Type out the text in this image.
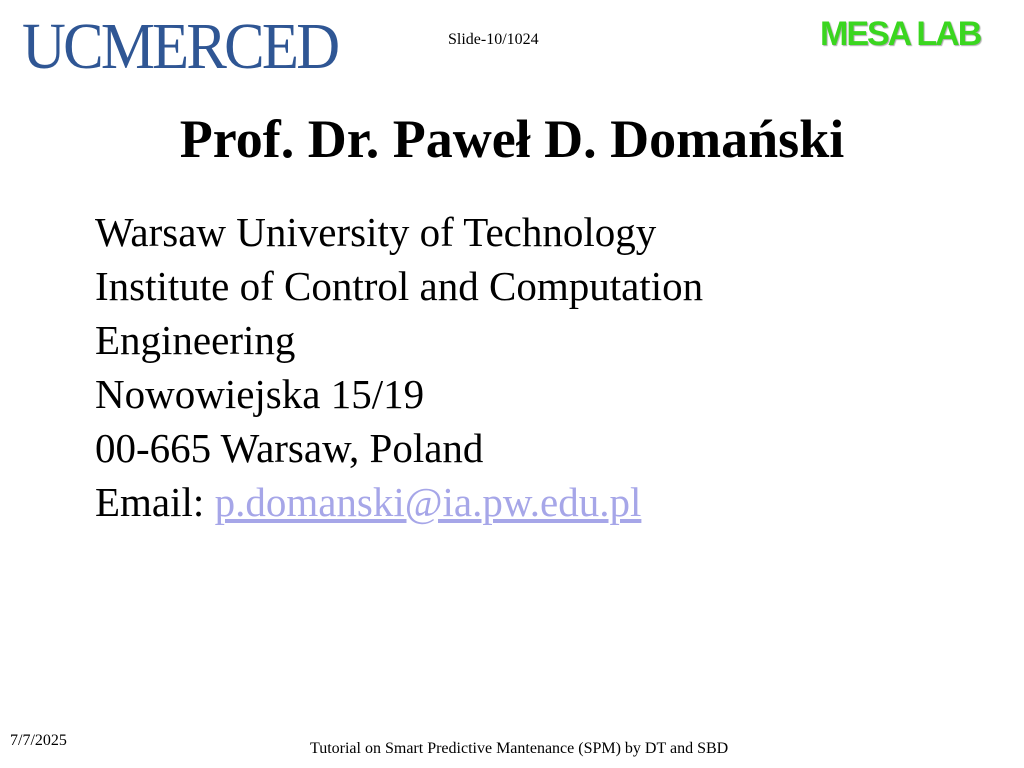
UCMERCED	Slide-10/1024	MESA LAB
Prof. Dr. Paweł D. Domański
Warsaw University of Technology
Institute of Control and Computation
Engineering
Nowowiejska 15/19
00-665 Warsaw, Poland
Email: p.domanski@ia.pw.edu.pl
7/7/2025	Tutorial on Smart Predictive Mantenance (SPM) by DT and SBD
